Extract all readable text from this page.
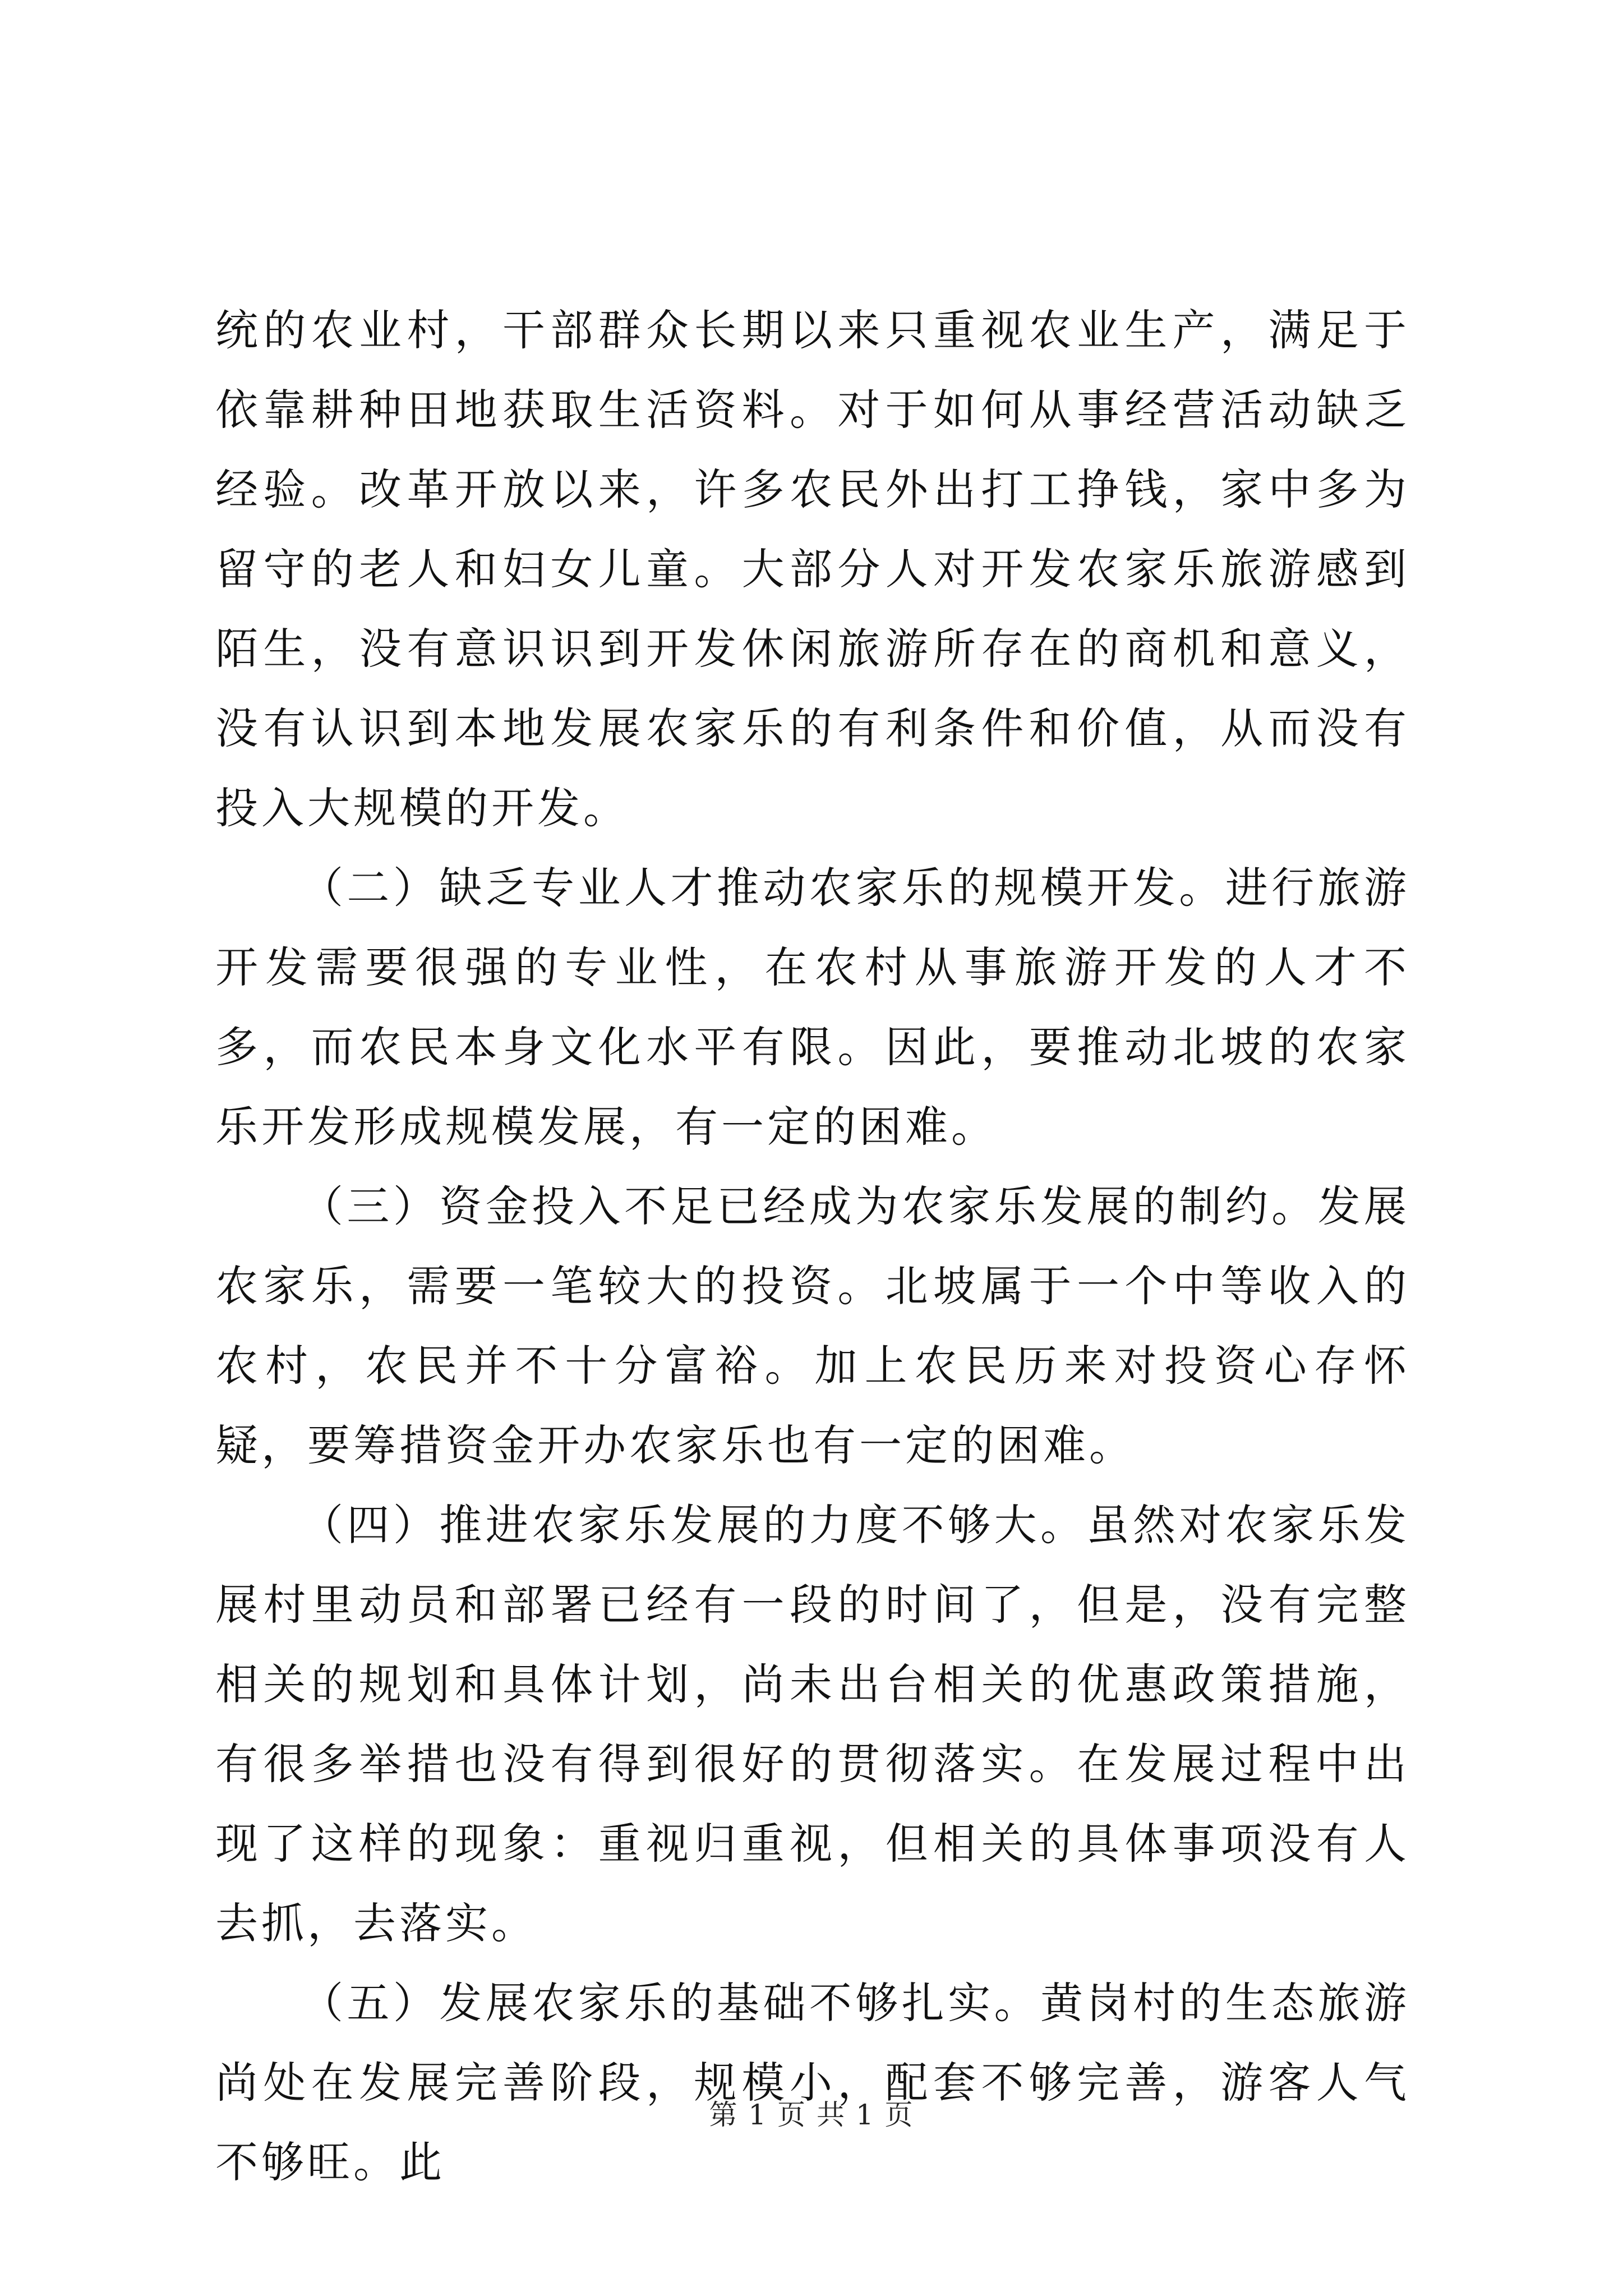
统的农业村，干部群众长期以来只重视农业生产，满足于依靠耕种田地获取生活资料。对于如何从事经营活动缺乏经验。改革开放以来，许多农民外出打工挣钱，家中多为留守的老人和妇女儿童。大部分人对开发农家乐旅游感到陌生，没有意识识到开发休闲旅游所存在的商机和意义，没有认识到本地发展农家乐的有利条件和价值，从而没有投入大规模的开发。

（二）缺乏专业人才推动农家乐的规模开发。进行旅游开发需要很强的专业性，在农村从事旅游开发的人才不多，而农民本身文化水平有限。因此，要推动北坡的农家乐开发形成规模发展，有一定的困难。

（三）资金投入不足已经成为农家乐发展的制约。发展农家乐，需要一笔较大的投资。北坡属于一个中等收入的农村，农民并不十分富裕。加上农民历来对投资心存怀疑，要筹措资金开办农家乐也有一定的困难。

（四）推进农家乐发展的力度不够大。虽然对农家乐发展村里动员和部署已经有一段的时间了，但是，没有完整相关的规划和具体计划，尚未出台相关的优惠政策措施，有很多举措也没有得到很好的贯彻落实。在发展过程中出现了这样的现象：重视归重视，但相关的具体事项没有人去抓，去落实。

（五）发展农家乐的基础不够扎实。黄岗村的生态旅游尚处在发展完善阶段，规模小，配套不够完善，游客人气不够旺。此

第 1 页 共 1 页
